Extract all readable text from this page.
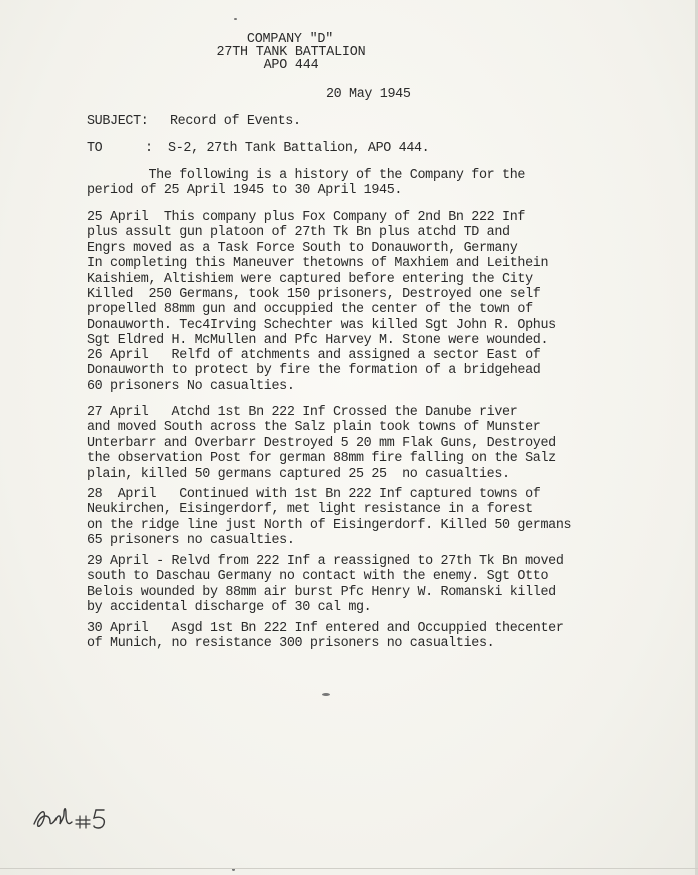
COMPANY "D"
27TH TANK BATTALION
APO 444
20 May 1945
SUBJECT: Record of Events.
TO	:  S-2, 27th Tank Battalion, APO 444.
The following is a history of the Company for the
period of 25 April 1945 to 30 April 1945.
25 April  This company plus Fox Company of 2nd Bn 222 Inf
plus assult gun platoon of 27th Tk Bn plus atchd TD and
Engrs moved as a Task Force South to Donauworth, Germany
In completing this Maneuver thetowns of Maxhiem and Leithein
Kaishiem, Altishiem were captured before entering the City
Killed  250 Germans, took 150 prisoners, Destroyed one self
propelled 88mm gun and occuppied the center of the town of
Donauworth. Tec4Irving Schechter was killed Sgt John R. Ophus
Sgt Eldred H. McMullen and Pfc Harvey M. Stone were wounded.
26 April   Relfd of atchments and assigned a sector East of
Donauworth to protect by fire the formation of a bridgehead
60 prisoners No casualties.
27 April   Atchd 1st Bn 222 Inf Crossed the Danube river
and moved South across the Salz plain took towns of Munster
Unterbarr and Overbarr Destroyed 5 20 mm Flak Guns, Destroyed
the observation Post for german 88mm fire falling on the Salz
plain, killed 50 germans captured 25 25  no casualties.
28  April   Continued with 1st Bn 222 Inf captured towns of
Neukirchen, Eisingerdorf, met light resistance in a forest
on the ridge line just North of Eisingerdorf. Killed 50 germans
65 prisoners no casualties.
29 April - Relvd from 222 Inf a reassigned to 27th Tk Bn moved
south to Daschau Germany no contact with the enemy. Sgt Otto
Belois wounded by 88mm air burst Pfc Henry W. Romanski killed
by accidental discharge of 30 cal mg.
30 April   Asgd 1st Bn 222 Inf entered and Occuppied thecenter
of Munich, no resistance 300 prisoners no casualties.
